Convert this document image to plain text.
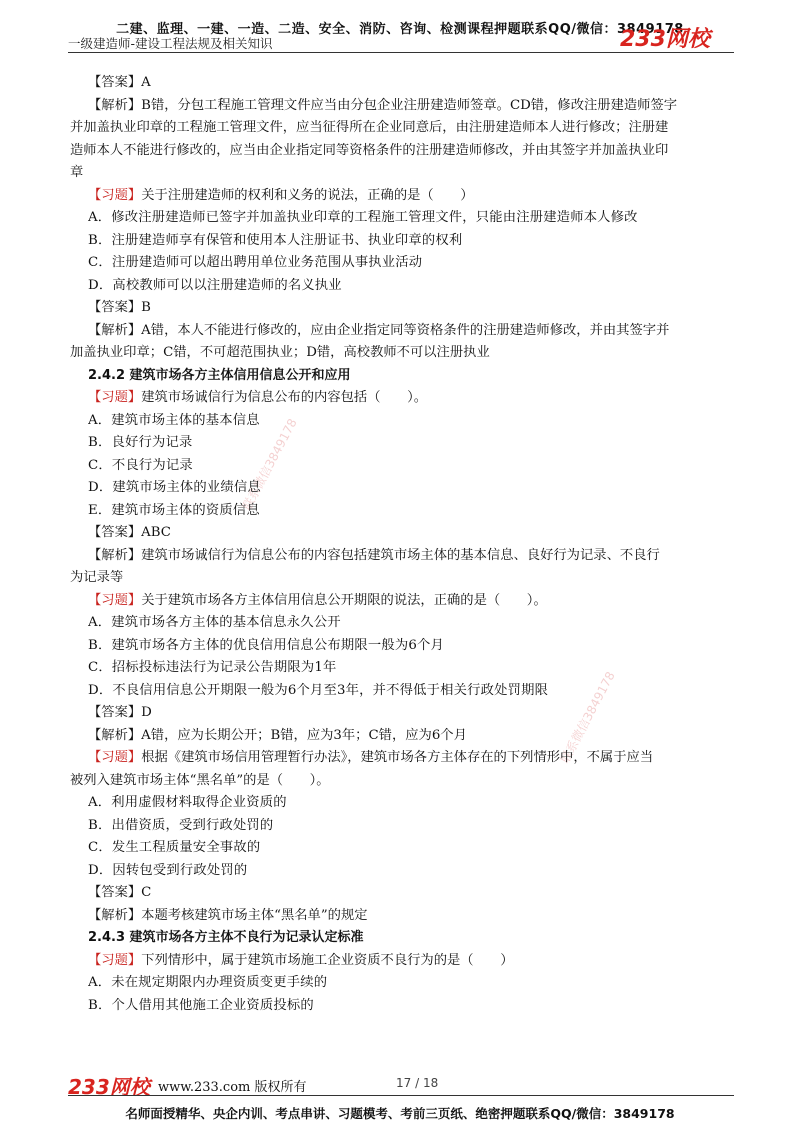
二建、监理、一建、一造、二造、安全、消防、咨询、检测课程押题联系QQ/微信：3849178
一级建造师-建设工程法规及相关知识	233网校
联系微信3849178
联系微信3849178
【答案】A
【解析】B错，分包工程施工管理文件应当由分包企业注册建造师签章。CD错，修改注册建造师签字
并加盖执业印章的工程施工管理文件，应当征得所在企业同意后，由注册建造师本人进行修改；注册建
造师本人不能进行修改的，应当由企业指定同等资格条件的注册建造师修改，并由其签字并加盖执业印
章
【习题】关于注册建造师的权利和义务的说法，正确的是（　　）
A．修改注册建造师已签字并加盖执业印章的工程施工管理文件，只能由注册建造师本人修改
B．注册建造师享有保管和使用本人注册证书、执业印章的权利
C．注册建造师可以超出聘用单位业务范围从事执业活动
D．高校教师可以以注册建造师的名义执业
【答案】B
【解析】A错，本人不能进行修改的，应由企业指定同等资格条件的注册建造师修改，并由其签字并
加盖执业印章；C错，不可超范围执业；D错，高校教师不可以注册执业
2.4.2 建筑市场各方主体信用信息公开和应用
【习题】建筑市场诚信行为信息公布的内容包括（　　）。
A．建筑市场主体的基本信息
B．良好行为记录
C．不良行为记录
D．建筑市场主体的业绩信息
E．建筑市场主体的资质信息
【答案】ABC
【解析】建筑市场诚信行为信息公布的内容包括建筑市场主体的基本信息、良好行为记录、不良行
为记录等
【习题】关于建筑市场各方主体信用信息公开期限的说法，正确的是（　　）。
A．建筑市场各方主体的基本信息永久公开
B．建筑市场各方主体的优良信用信息公布期限一般为6个月
C．招标投标违法行为记录公告期限为1年
D．不良信用信息公开期限一般为6个月至3年，并不得低于相关行政处罚期限
【答案】D
【解析】A错，应为长期公开；B错，应为3年；C错，应为6个月
【习题】根据《建筑市场信用管理暂行办法》，建筑市场各方主体存在的下列情形中，不属于应当
被列入建筑市场主体“黑名单”的是（　　）。
A．利用虚假材料取得企业资质的
B．出借资质，受到行政处罚的
C．发生工程质量安全事故的
D．因转包受到行政处罚的
【答案】C
【解析】本题考核建筑市场主体“黑名单”的规定
2.4.3 建筑市场各方主体不良行为记录认定标准
【习题】下列情形中，属于建筑市场施工企业资质不良行为的是（　　）
A．未在规定期限内办理资质变更手续的
B．个人借用其他施工企业资质投标的
233网校 www.233.com 版权所有	17 / 18
名师面授精华、央企内训、考点串讲、习题模考、考前三页纸、绝密押题联系QQ/微信：3849178
